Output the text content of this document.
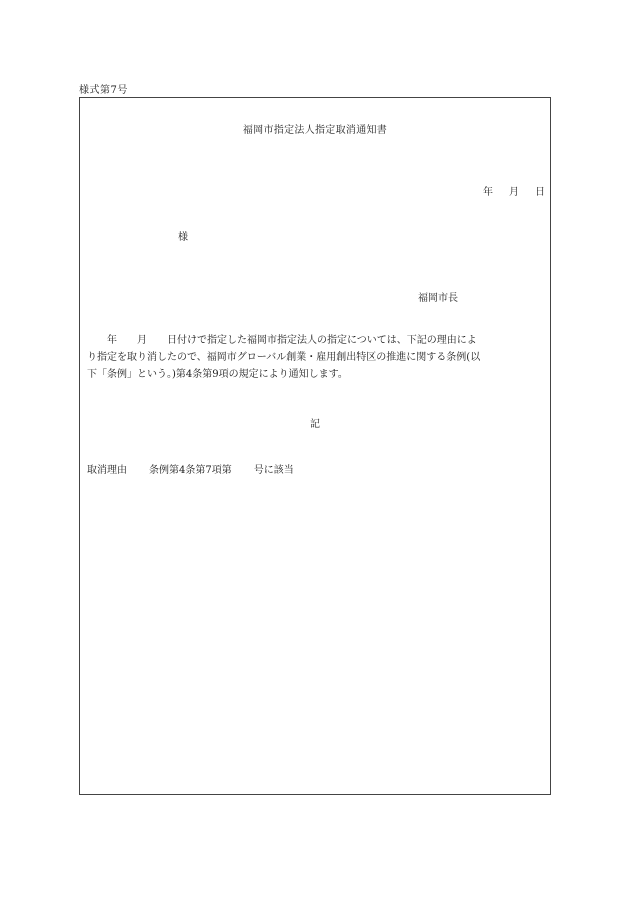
様式第7号
福岡市指定法人指定取消通知書
年 月 日
様
福岡市長
　　年　　月　　日付けで指定した福岡市指定法人の指定については、下記の理由によ
り指定を取り消したので、福岡市グローバル創業・雇用創出特区の推進に関する条例(以
下「条例」という。)第4条第9項の規定により通知します。
記
取消理由 条例第4条第7項第 号に該当
